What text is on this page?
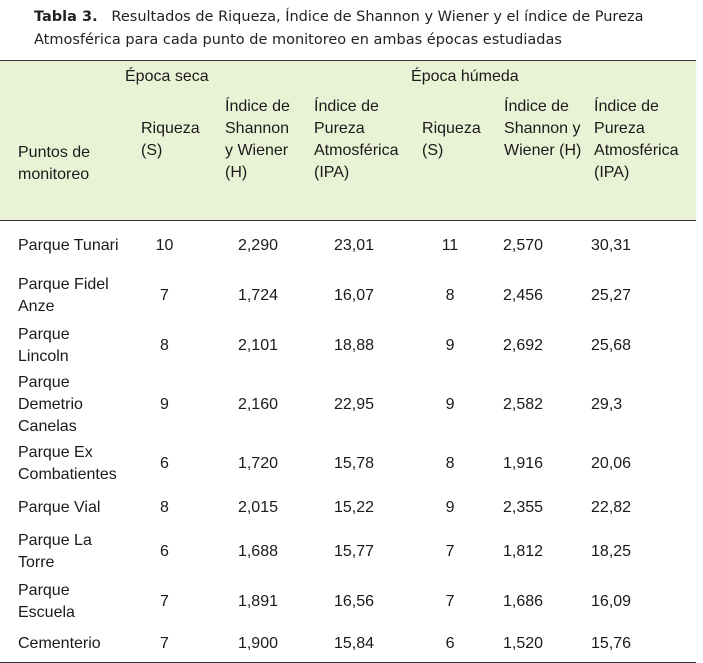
Tabla 3. Resultados de Riqueza, Índice de Shannon y Wiener y el índice de Pureza Atmosférica para cada punto de monitoreo en ambas épocas estudiadas
	Época seca			Época húmeda		
Puntos de monitoreo	Riqueza (S)	Índice de Shannon y Wiener (H)	Índice de Pureza Atmosférica (IPA)	Riqueza (S)	Índice de Shannon y Wiener (H)	Índice de Pureza Atmosférica (IPA)
Parque Tunari	10	2,290	23,01	11	2,570	30,31
Parque Fidel Anze	7	1,724	16,07	8	2,456	25,27
Parque Lincoln	8	2,101	18,88	9	2,692	25,68
Parque Demetrio Canelas	9	2,160	22,95	9	2,582	29,3
Parque Ex Combatientes	6	1,720	15,78	8	1,916	20,06
Parque Vial	8	2,015	15,22	9	2,355	22,82
Parque La Torre	6	1,688	15,77	7	1,812	18,25
Parque Escuela	7	1,891	16,56	7	1,686	16,09
Cementerio	7	1,900	15,84	6	1,520	15,76
